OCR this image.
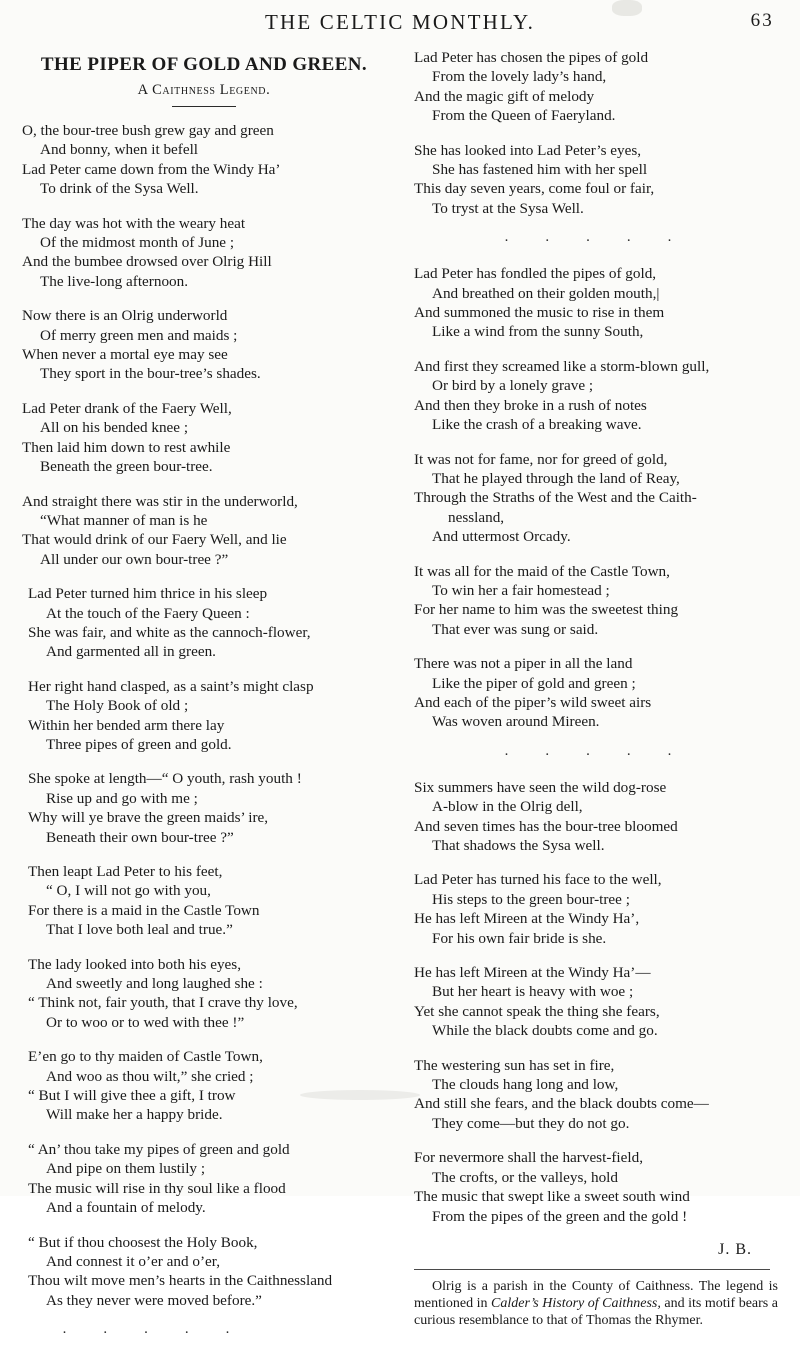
THE CELTIC MONTHLY.	63
THE PIPER OF GOLD AND GREEN.
A Caithness Legend.
O, the bour-tree bush grew gay and green
And bonny, when it befell
Lad Peter came down from the Windy Ha’
To drink of the Sysa Well.
The day was hot with the weary heat
Of the midmost month of June ;
And the bumbee drowsed over Olrig Hill
The live-long afternoon.
Now there is an Olrig underworld
Of merry green men and maids ;
When never a mortal eye may see
They sport in the bour-tree’s shades.
Lad Peter drank of the Faery Well,
All on his bended knee ;
Then laid him down to rest awhile
Beneath the green bour-tree.
And straight there was stir in the underworld,
“What manner of man is he
That would drink of our Faery Well, and lie
All under our own bour-tree ?”
Lad Peter turned him thrice in his sleep
At the touch of the Faery Queen :
She was fair, and white as the cannoch-flower,
And garmented all in green.
Her right hand clasped, as a saint’s might clasp
The Holy Book of old ;
Within her bended arm there lay
Three pipes of green and gold.
She spoke at length—“ O youth, rash youth !
Rise up and go with me ;
Why will ye brave the green maids’ ire,
Beneath their own bour-tree ?”
Then leapt Lad Peter to his feet,
“ O, I will not go with you,
For there is a maid in the Castle Town
That I love both leal and true.”
The lady looked into both his eyes,
And sweetly and long laughed she :
“ Think not, fair youth, that I crave thy love,
Or to woo or to wed with thee !”
E’en go to thy maiden of Castle Town,
And woo as thou wilt,” she cried ;
“ But I will give thee a gift, I trow
Will make her a happy bride.
“ An’ thou take my pipes of green and gold
And pipe on them lustily ;
The music will rise in thy soul like a flood
And a fountain of melody.
“ But if thou choosest the Holy Book,
And connest it o’er and o’er,
Thou wilt move men’s hearts in the Caithnessland
As they never were moved before.”
· · · · ·
Lad Peter has chosen the pipes of gold
From the lovely lady’s hand,
And the magic gift of melody
From the Queen of Faeryland.
She has looked into Lad Peter’s eyes,
She has fastened him with her spell
This day seven years, come foul or fair,
To tryst at the Sysa Well.
· · · · ·
Lad Peter has fondled the pipes of gold,
And breathed on their golden mouth,|
And summoned the music to rise in them
Like a wind from the sunny South,
And first they screamed like a storm-blown gull,
Or bird by a lonely grave ;
And then they broke in a rush of notes
Like the crash of a breaking wave.
It was not for fame, nor for greed of gold,
That he played through the land of Reay,
Through the Straths of the West and the Caith-
nessland,
And uttermost Orcady.
It was all for the maid of the Castle Town,
To win her a fair homestead ;
For her name to him was the sweetest thing
That ever was sung or said.
There was not a piper in all the land
Like the piper of gold and green ;
And each of the piper’s wild sweet airs
Was woven around Mireen.
· · · · ·
Six summers have seen the wild dog-rose
A-blow in the Olrig dell,
And seven times has the bour-tree bloomed
That shadows the Sysa well.
Lad Peter has turned his face to the well,
His steps to the green bour-tree ;
He has left Mireen at the Windy Ha’,
For his own fair bride is she.
He has left Mireen at the Windy Ha’—
But her heart is heavy with woe ;
Yet she cannot speak the thing she fears,
While the black doubts come and go.
The westering sun has set in fire,
The clouds hang long and low,
And still she fears, and the black doubts come—
They come—but they do not go.
For nevermore shall the harvest-field,
The crofts, or the valleys, hold
The music that swept like a sweet south wind
From the pipes of the green and the gold !
J. B.
Olrig is a parish in the County of Caithness. The legend is mentioned in Calder’s History of Caithness, and its motif bears a curious resemblance to that of Thomas the Rhymer.
